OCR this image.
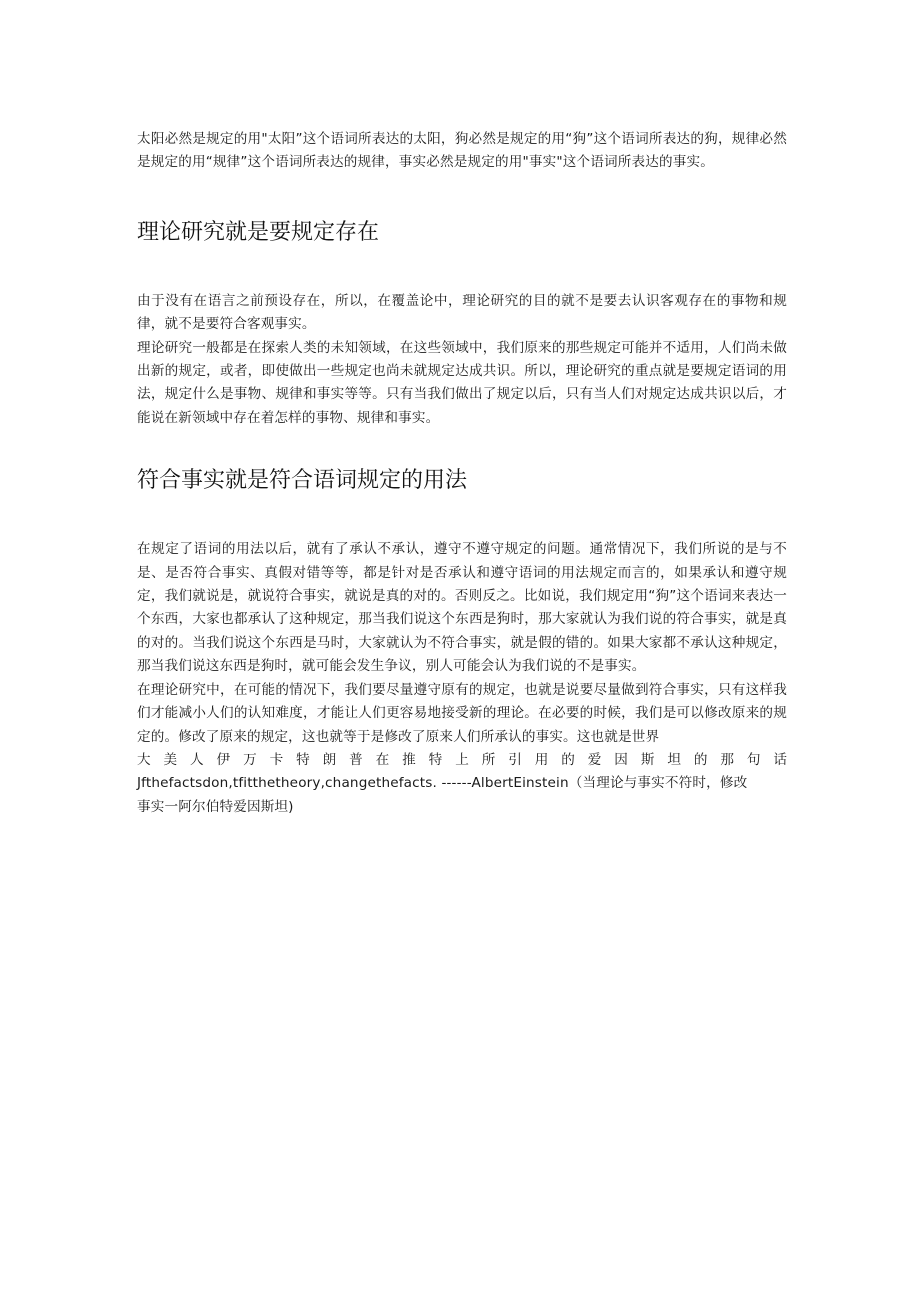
太阳必然是规定的用"太阳”这个语词所表达的太阳，狗必然是规定的用“狗”这个语词所表达的狗，规律必然是规定的用“规律”这个语词所表达的规律，事实必然是规定的用"事实"这个语词所表达的事实。

理论研究就是要规定存在

由于没有在语言之前预设存在，所以，在覆盖论中，理论研究的目的就不是要去认识客观存在的事物和规律，就不是要符合客观事实。

理论研究一般都是在探索人类的未知领域，在这些领域中，我们原来的那些规定可能并不适用，人们尚未做出新的规定，或者，即使做出一些规定也尚未就规定达成共识。所以，理论研究的重点就是要规定语词的用法，规定什么是事物、规律和事实等等。只有当我们做出了规定以后，只有当人们对规定达成共识以后，才能说在新领域中存在着怎样的事物、规律和事实。

符合事实就是符合语词规定的用法

在规定了语词的用法以后，就有了承认不承认，遵守不遵守规定的问题。通常情况下，我们所说的是与不是、是否符合事实、真假对错等等，都是针对是否承认和遵守语词的用法规定而言的，如果承认和遵守规定，我们就说是，就说符合事实，就说是真的对的。否则反之。比如说，我们规定用“狗”这个语词来表达一个东西，大家也都承认了这种规定，那当我们说这个东西是狗时，那大家就认为我们说的符合事实，就是真的对的。当我们说这个东西是马时，大家就认为不符合事实，就是假的错的。如果大家都不承认这种规定，那当我们说这东西是狗时，就可能会发生争议，别人可能会认为我们说的不是事实。

在理论研究中，在可能的情况下，我们要尽量遵守原有的规定，也就是说要尽量做到符合事实，只有这样我们才能减小人们的认知难度，才能让人们更容易地接受新的理论。在必要的时候，我们是可以修改原来的规定的。修改了原来的规定，这也就等于是修改了原来人们所承认的事实。这也就是世界

大美人伊万卡特朗普在推特上所引用的爱因斯坦的那句话

Jfthefactsdon,tfitthetheory,changethefacts. ------AlbertEinstein（当理论与事实不符时，修改

事实一阿尔伯特爱因斯坦)
